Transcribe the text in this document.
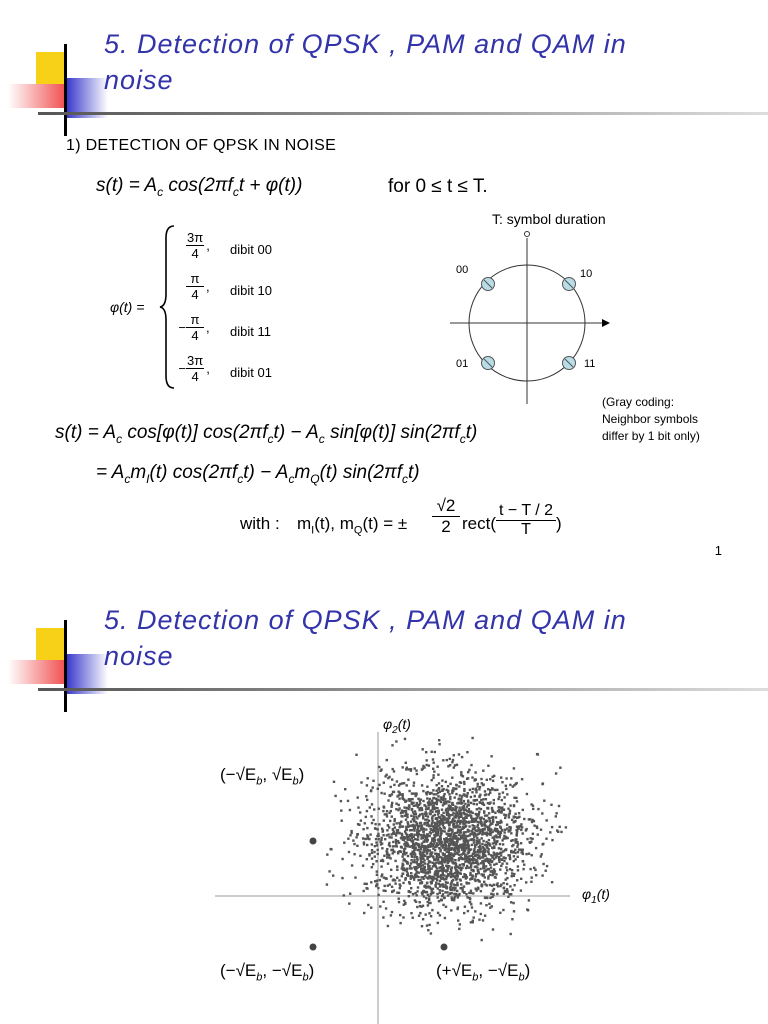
5. Detection of QPSK , PAM and QAM in
noise
1) DETECTION OF QPSK IN NOISE
$s(t) = A_c$ $\cos(2\pi f_ct + \varphi(t))$	for 0 ≤ t ≤ T.
T: symbol duration
φ(t) =
$\frac{3\pi}{4}$ , dibit 00
$\frac{\pi}{4}$ , dibit 10
− $\frac{\pi}{4}$ , dibit 11
− $\frac{3\pi}{4}$ , dibit 01
00	10
01	11
(Gray coding:
Neighbor symbols
differ by 1 bit only)
$s(t) = A_c$ cos[φ(t)] $\cos(2\pi f_ct) - A_c$ sin[φ(t)] $\sin(2\pi f_ct)$
= $A_cm_I(t) \cos(2\pi f_ct) - A_cm_Q(t)$ $\sin(2\pi f_ct)$
with : $m_I(t)$, $m_Q(t)$ = ± $\frac{√2}{2}$ rect( $\frac{t - T / 2}{T}$ )
1
5. Detection of QPSK , PAM and QAM in
noise
$\varphi_2(t)$
$\varphi_1(t)$
($-√E_b$, $√E_b$)
($-√E_b$, $-√E_b$)	($+√E_b$, $-√E_b$)
